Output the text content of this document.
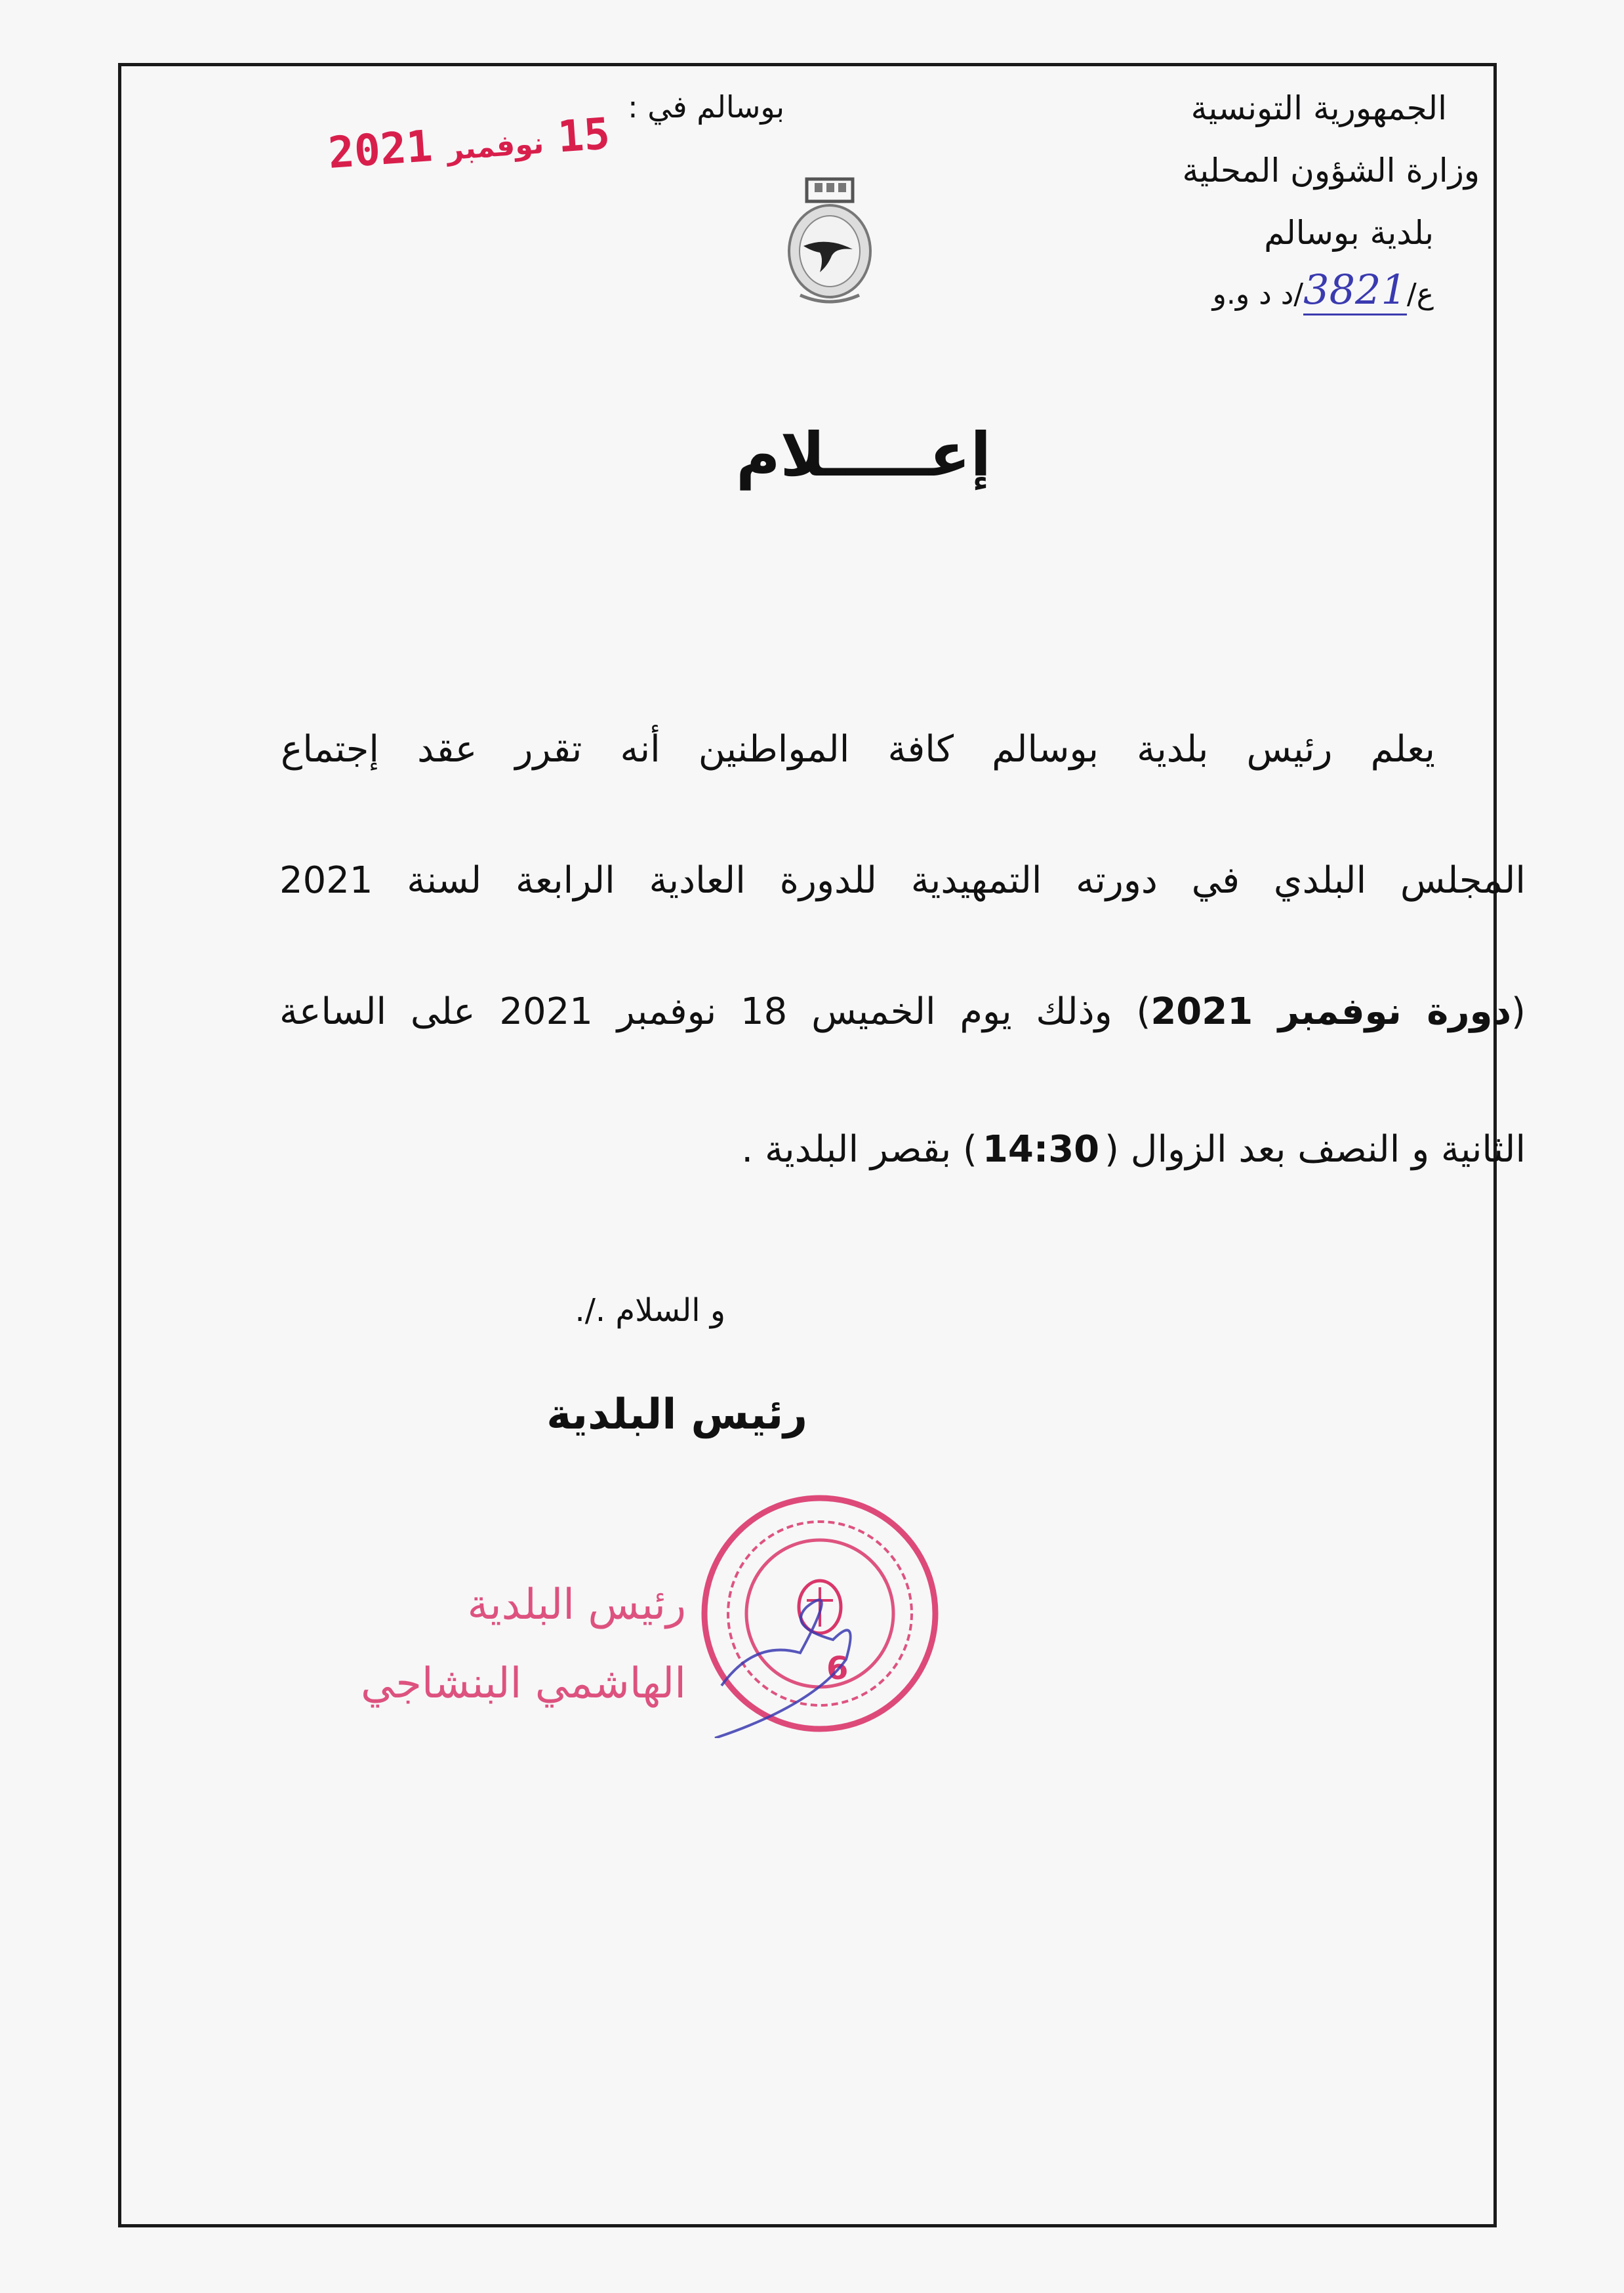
الجمهورية التونسية
وزارة الشؤون المحلية
بلدية بوسالم
ع/3821/د د و.و
بوسالم في :
2021 نوفمبر 15
إعـــــلام
يعلم رئيس بلدية بوسالم كافة المواطنين أنه تقرر عقد إجتماع
المجلس البلدي في دورته التمهيدية للدورة العادية الرابعة لسنة 2021
(دورة نوفمبر 2021) وذلك يوم الخميس 18 نوفمبر 2021 على الساعة
الثانية و النصف بعد الزوال (14:30) بقصر البلدية .
و السلام ./.
رئيس البلدية
رئيس البلدية
الهاشمي البنشاجي	6
